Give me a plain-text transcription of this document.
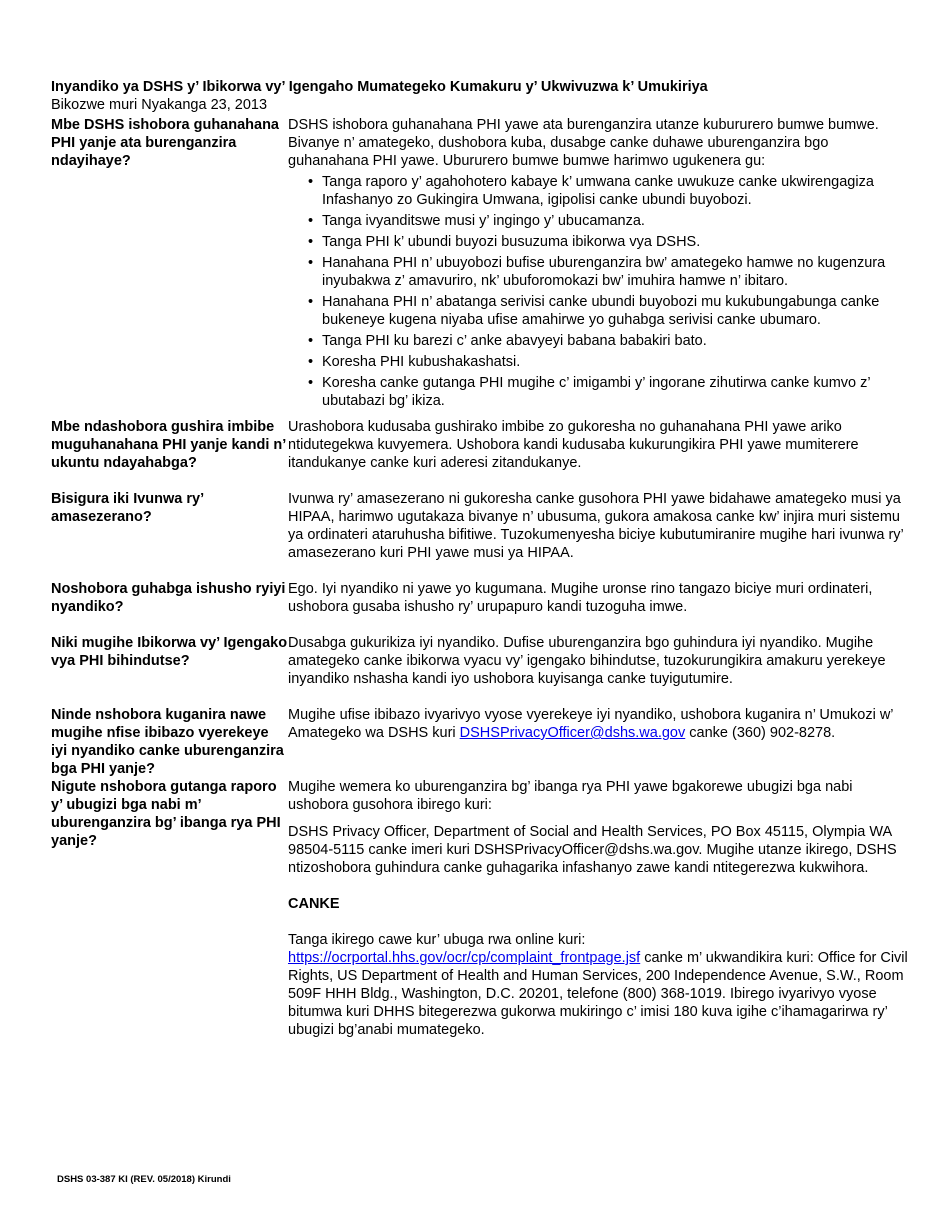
Inyandiko ya DSHS y’ Ibikorwa vy’ Igengaho Mumategeko Kumakuru y’ Ukwivuzwa k’ Umukiriya
Bikozwe muri Nyakanga 23, 2013
Mbe DSHS ishobora guhanahana PHI yanje ata burenganzira ndayihaye?

DSHS ishobora guhanahana PHI yawe ata burenganzira utanze kubururero bumwe bumwe. Bivanye n’ amategeko, dushobora kuba, dusabge canke duhawe uburenganzira bgo guhanahana PHI yawe. Ubururero bumwe bumwe harimwo ugukenera gu:

• Tanga raporo y’ agahohotero kabaye k’ umwana canke uwukuze canke ukwirengagiza Infashanyo zo Gukingira Umwana, igipolisi canke ubundi buyobozi.
• Tanga ivyanditswe musi y’ ingingo y’ ubucamanza.
• Tanga PHI k’ ubundi buyozi busuzuma ibikorwa vya DSHS.
• Hanahana PHI n’ ubuyobozi bufise uburenganzira bw’ amategeko hamwe no kugenzura inyubakwa z’ amavuriro, nk’ ubuforomokazi bw’ imuhira hamwe n’ ibitaro.
• Hanahana PHI n’ abatanga serivisi canke ubundi buyobozi mu kukubungabunga canke bukeneye kugena niyaba ufise amahirwe yo guhabga serivisi canke ubumaro.
• Tanga PHI ku barezi c’ anke abavyeyi babana babakiri bato.
• Koresha PHI kubushakashatsi.
• Koresha canke gutanga PHI mugihe c’ imigambi y’ ingorane zihutirwa canke kumvo z’ ubutabazi bg’ ikiza.
Mbe ndashobora gushira imbibe muguhanahana PHI yanje kandi n’ ukuntu ndayahabga?
Urashobora kudusaba gushirako imbibe zo gukoresha no guhanahana PHI yawe ariko ntidutegekwa kuvyemera. Ushobora kandi kudusaba kukurungikira PHI yawe mumiterere itandukanye canke kuri aderesi zitandukanye.
Bisigura iki Ivunwa ry’ amasezerano?
Ivunwa ry’ amasezerano ni gukoresha canke gusohora PHI yawe bidahawe amategeko musi ya HIPAA, harimwo ugutakaza bivanye n’ ubusuma, gukora amakosa canke kw’ injira muri sistemu ya ordinateri ataruhusha bifitiwe. Tuzokumenyesha biciye kubutumiranire mugihe hari ivunwa ry’ amasezerano kuri PHI yawe musi ya HIPAA.
Noshobora guhabga ishusho ryiyi nyandiko?
Ego. Iyi nyandiko ni yawe yo kugumana. Mugihe uronse rino tangazo biciye muri ordinateri, ushobora gusaba ishusho ry’ urupapuro kandi tuzoguha imwe.
Niki mugihe Ibikorwa vy’ Igengako vya PHI bihindutse?
Dusabga gukurikiza iyi nyandiko. Dufise uburenganzira bgo guhindura iyi nyandiko. Mugihe amategeko canke ibikorwa vyacu vy’ igengako bihindutse, tuzokurungikira amakuru yerekeye inyandiko nshasha kandi iyo ushobora kuyisanga canke tuyigutumire.
Ninde nshobora kuganira nawe mugihe nfise ibibazo vyerekeye iyi nyandiko canke uburenganzira bga PHI yanje?
Mugihe ufise ibibazo ivyarivyo vyose vyerekeye iyi nyandiko, ushobora kuganira n’ Umukozi w’ Amategeko wa DSHS kuri DSHSPrivacyOfficer@dshs.wa.gov canke (360) 902-8278.
Nigute nshobora gutanga raporo y’ ubugizi bga nabi m’ uburenganzira bg’ ibanga rya PHI yanje?

Mugihe wemera ko uburenganzira bg’ ibanga rya PHI yawe bgakorewe ubugizi bga nabi ushobora gusohora ibirego kuri:

DSHS Privacy Officer, Department of Social and Health Services, PO Box 45115, Olympia WA 98504-5115 canke imeri kuri DSHSPrivacyOfficer@dshs.wa.gov. Mugihe utanze ikirego, DSHS ntizoshobora guhindura canke guhagarika infashanyo zawe kandi ntitegerezwa kukwihora.

CANKE

Tanga ikirego cawe kur’ ubuga rwa online kuri: https://ocrportal.hhs.gov/ocr/cp/complaint_frontpage.jsf canke m’ ukwandikira kuri: Office for Civil Rights, US Department of Health and Human Services, 200 Independence Avenue, S.W., Room 509F HHH Bldg., Washington, D.C. 20201, telefone (800) 368-1019. Ibirego ivyarivyo vyose bitumwa kuri DHHS bitegerezwa gukorwa mukiringo c’ imisi 180 kuva igihe c’ihamagarirwa ry’ ubugizi bg’anabi mumategeko.

DSHS 03-387 KI (REV. 05/2018) Kirundi
